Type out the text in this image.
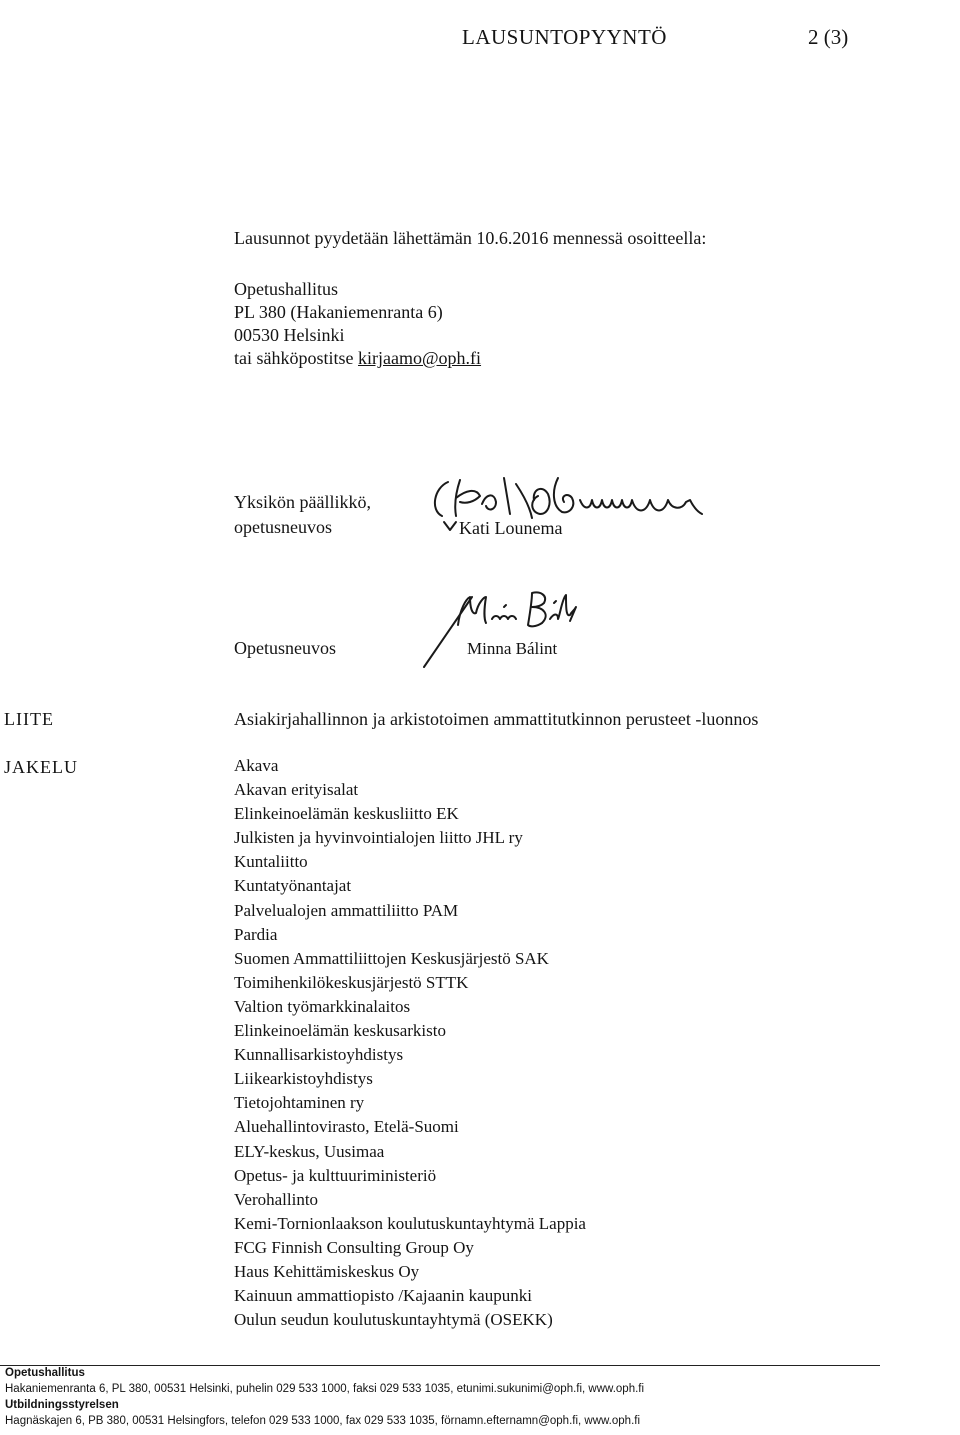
LAUSUNTOPYYNTÖ	2 (3)
Lausunnot pyydetään lähettämän 10.6.2016 mennessä osoitteella:
Opetushallitus
PL 380 (Hakaniemenranta 6)
00530 Helsinki
tai sähköpostitse kirjaamo@oph.fi
Yksikön päällikkö,
opetusneuvos	Kati Lounema
Opetusneuvos	Minna Bálint
LIITE	Asiakirjahallinnon ja arkistotoimen ammattitutkinnon perusteet -luonnos
JAKELU	Akava
Akavan erityisalat
Elinkeinoelämän keskusliitto EK
Julkisten ja hyvinvointialojen liitto JHL ry
Kuntaliitto
Kuntatyönantajat
Palvelualojen ammattiliitto PAM
Pardia
Suomen Ammattiliittojen Keskusjärjestö SAK
Toimihenkilökeskusjärjestö STTK
Valtion työmarkkinalaitos
Elinkeinoelämän keskusarkisto
Kunnallisarkistoyhdistys
Liikearkistoyhdistys
Tietojohtaminen ry
Aluehallintovirasto, Etelä-Suomi
ELY-keskus, Uusimaa
Opetus- ja kulttuuriministeriö
Verohallinto
Kemi-Tornionlaakson koulutuskuntayhtymä Lappia
FCG Finnish Consulting Group Oy
Haus Kehittämiskeskus Oy
Kainuun ammattiopisto /Kajaanin kaupunki
Oulun seudun koulutuskuntayhtymä (OSEKK)
Opetushallitus
Hakaniemenranta 6, PL 380, 00531 Helsinki, puhelin 029 533 1000, faksi 029 533 1035, etunimi.sukunimi@oph.fi, www.oph.fi
Utbildningsstyrelsen
Hagnäskajen 6, PB 380, 00531 Helsingfors, telefon 029 533 1000, fax 029 533 1035, förnamn.efternamn@oph.fi, www.oph.fi
